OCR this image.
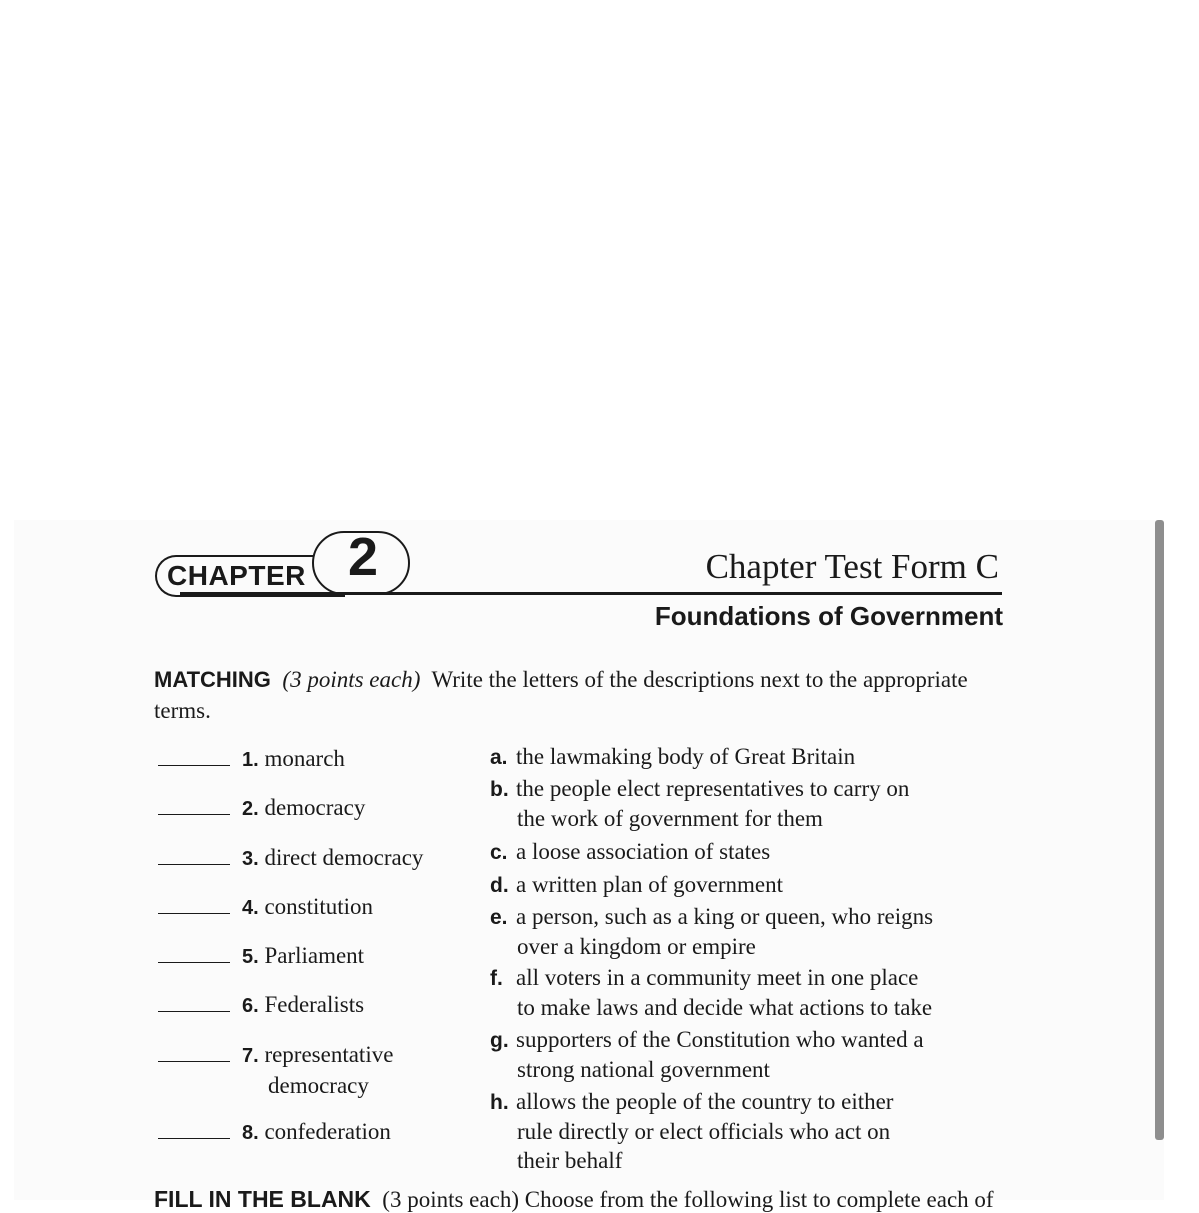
CHAPTER 2	Chapter Test Form C
Foundations of Government
MATCHING (3 points each) Write the letters of the descriptions next to the appropriate
terms.
1. monarch
2. democracy
3. direct democracy
4. constitution
5. Parliament
6. Federalists
7. representative
democracy
8. confederation
a. the lawmaking body of Great Britain
b. the people elect representatives to carry on
the work of government for them
c. a loose association of states
d. a written plan of government
e. a person, such as a king or queen, who reigns
over a kingdom or empire
f. all voters in a community meet in one place
to make laws and decide what actions to take
g. supporters of the Constitution who wanted a
strong national government
h. allows the people of the country to either
rule directly or elect officials who act on
their behalf
FILL IN THE BLANK (3 points each) Choose from the following list to complete each of
